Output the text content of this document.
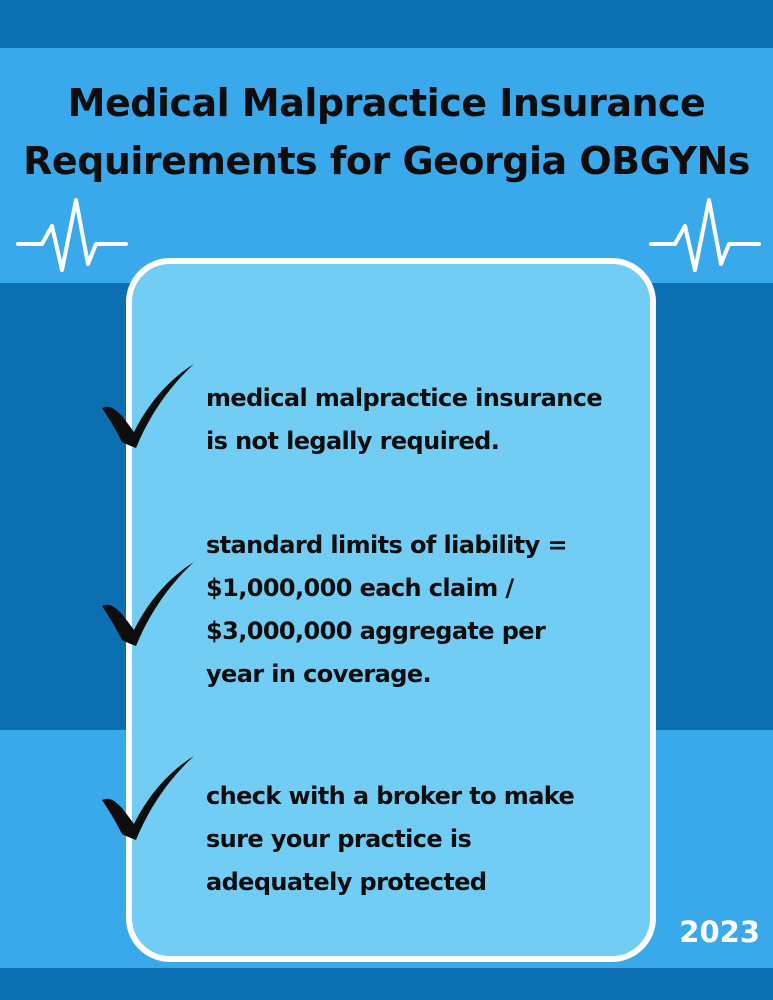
Medical Malpractice Insurance
Requirements for Georgia OBGYNs

medical malpractice insurance
is not legally required.

standard limits of liability =
$1,000,000 each claim /
$3,000,000 aggregate per
year in coverage.

check with a broker to make
sure your practice is
adequately protected

2023
